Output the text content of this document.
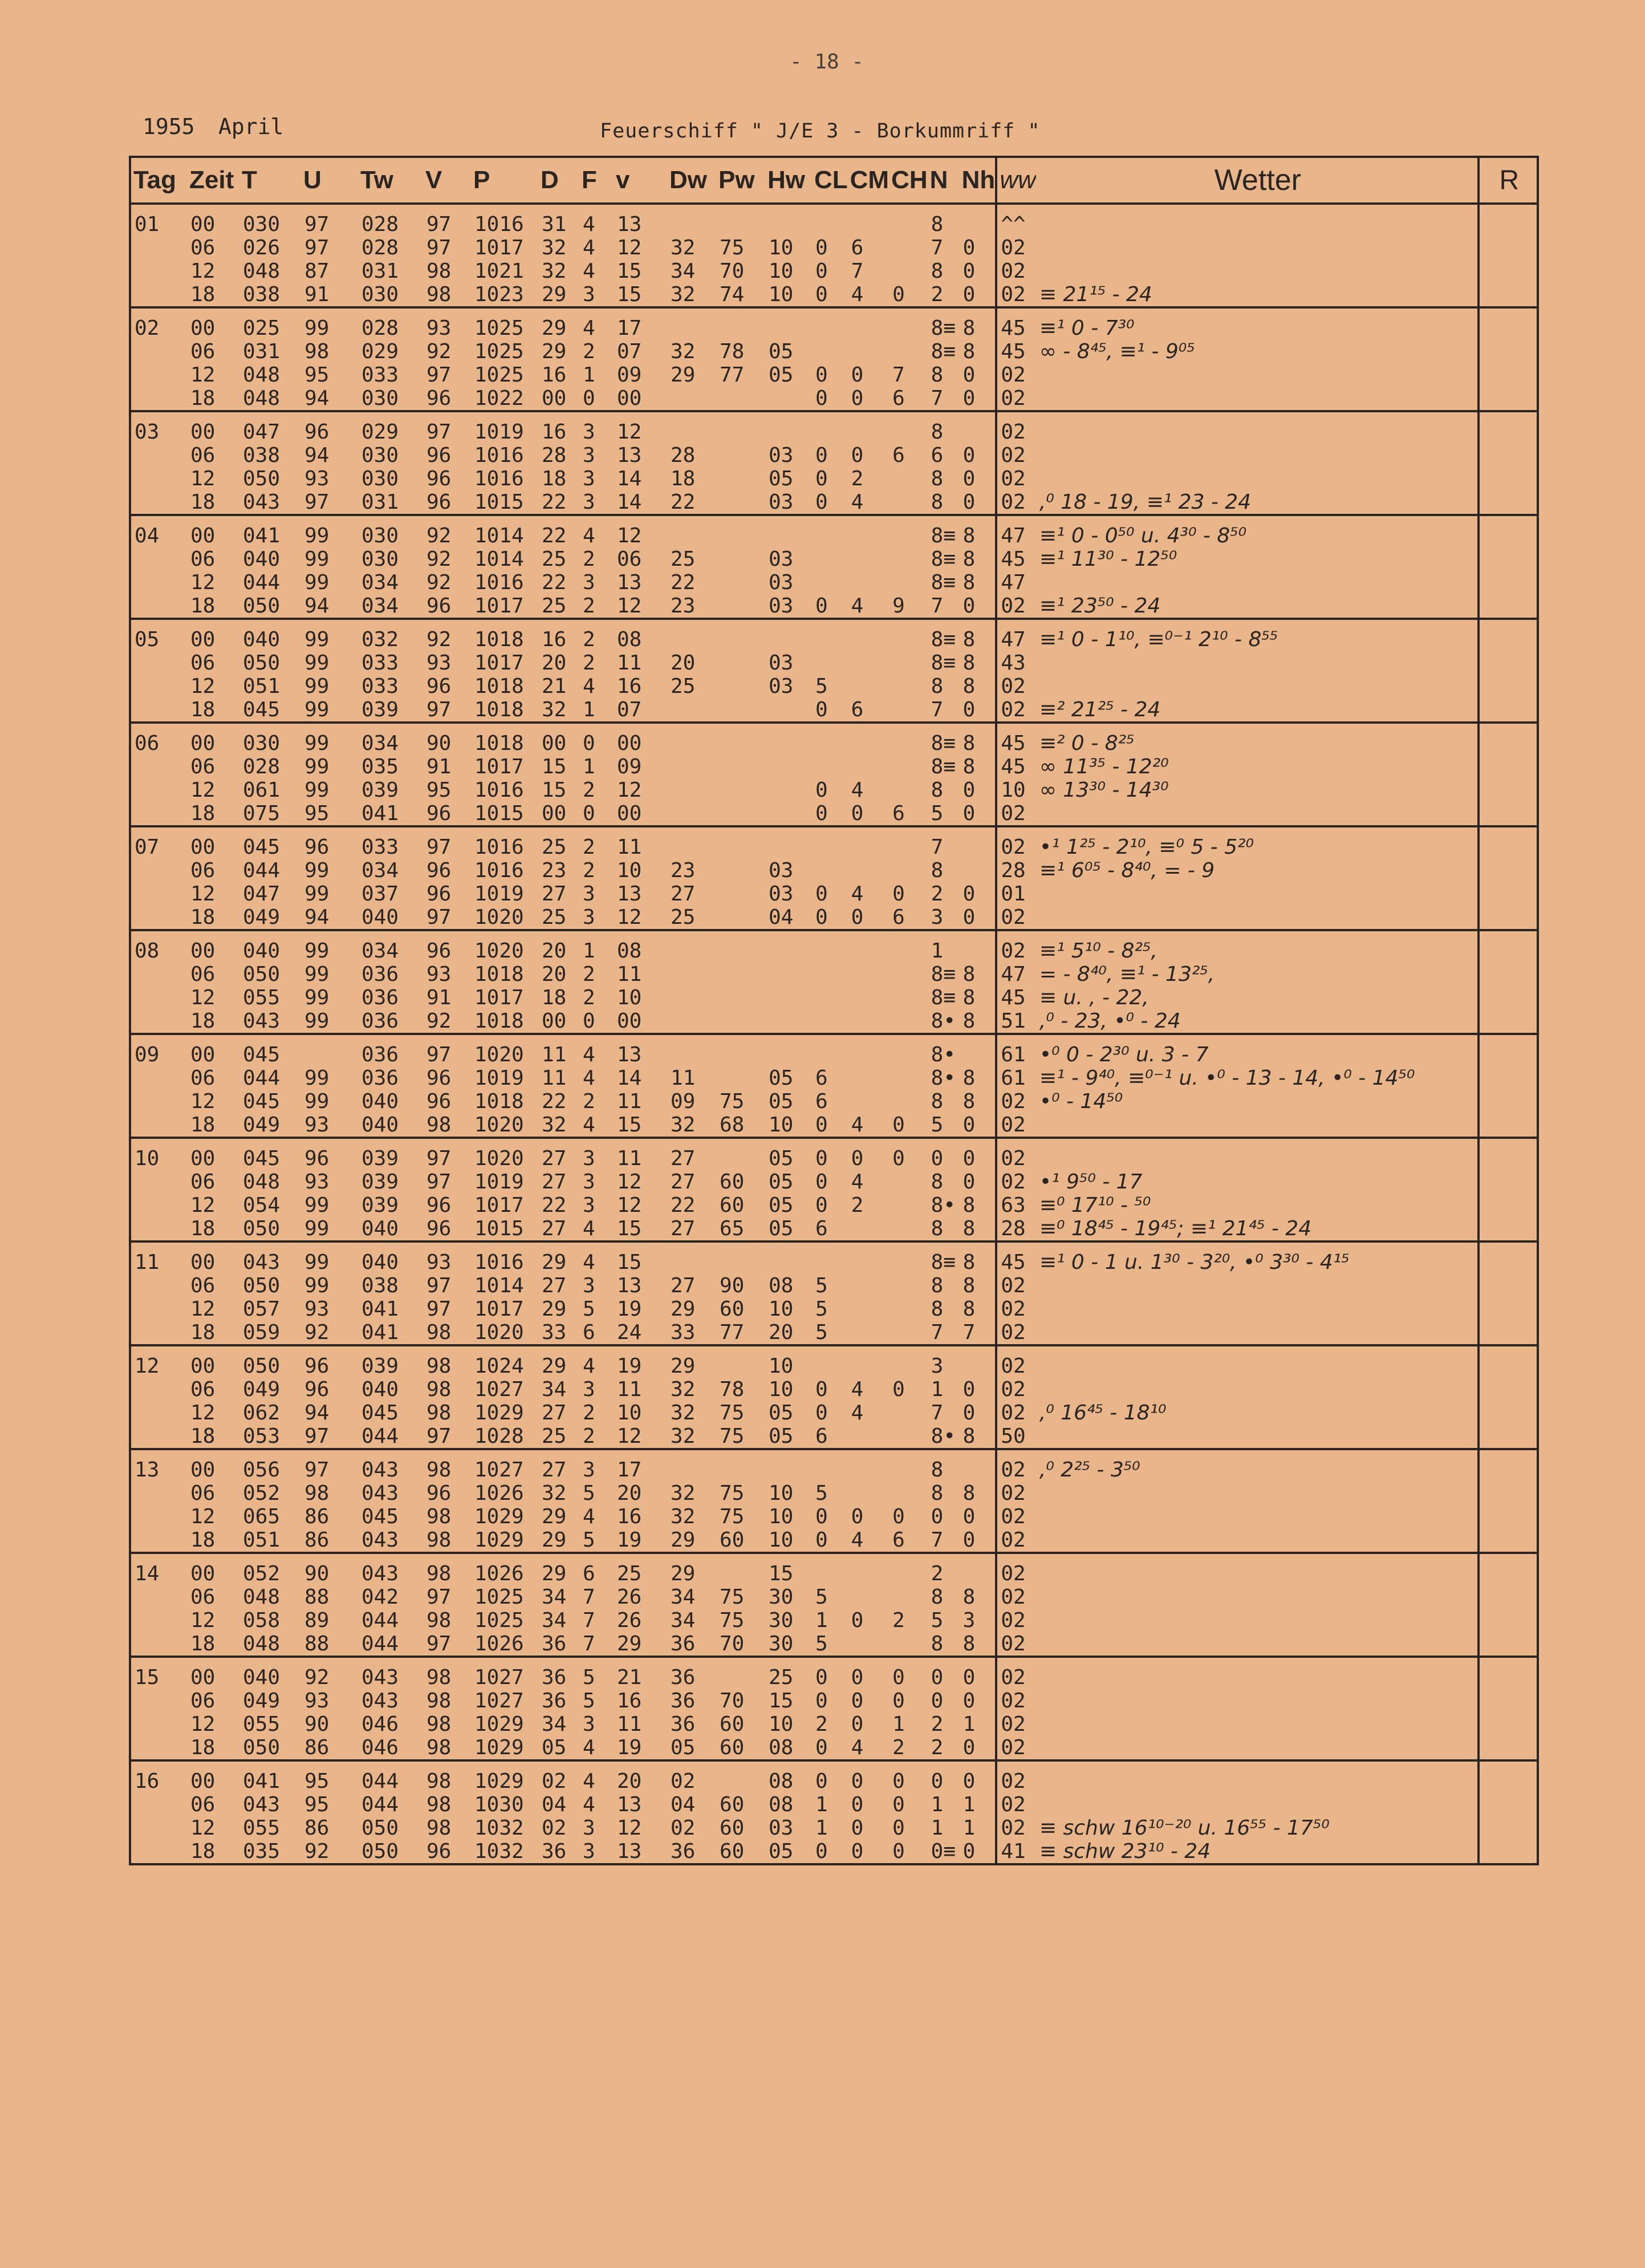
- 18 -
1955 April	Feuerschiff " J/E 3 - Borkummriff "
Tag	Zeit	T	U	Tw	V	P	D	F	v	Dw	Pw	Hw	CL	CM	CH	N	Nh	ww	Wetter	R
01	00	030	97	028	97	1016	31	4	13							8		^^		
	06	026	97	028	97	1017	32	4	12	32	75	10	0	6		7	0	02		
	12	048	87	031	98	1021	32	4	15	34	70	10	0	7		8	0	02		
	18	038	91	030	98	1023	29	3	15	32	74	10	0	4	0	2	0	02	≡ 21¹⁵ - 24	
02	00	025	99	028	93	1025	29	4	17							8≡	8	45	≡¹ 0 - 7³⁰	
	06	031	98	029	92	1025	29	2	07	32	78	05				8≡	8	45	∞ - 8⁴⁵, ≡¹ - 9⁰⁵	
	12	048	95	033	97	1025	16	1	09	29	77	05	0	0	7	8	0	02		
	18	048	94	030	96	1022	00	0	00				0	0	6	7	0	02		
03	00	047	96	029	97	1019	16	3	12							8		02		
	06	038	94	030	96	1016	28	3	13	28		03	0	0	6	6	0	02		
	12	050	93	030	96	1016	18	3	14	18		05	0	2		8	0	02		
	18	043	97	031	96	1015	22	3	14	22		03	0	4		8	0	02	,⁰ 18 - 19, ≡¹ 23 - 24	
04	00	041	99	030	92	1014	22	4	12							8≡	8	47	≡¹ 0 - 0⁵⁰ u. 4³⁰ - 8⁵⁰	
	06	040	99	030	92	1014	25	2	06	25		03				8≡	8	45	≡¹ 11³⁰ - 12⁵⁰	
	12	044	99	034	92	1016	22	3	13	22		03				8≡	8	47		
	18	050	94	034	96	1017	25	2	12	23		03	0	4	9	7	0	02	≡¹ 23⁵⁰ - 24	
05	00	040	99	032	92	1018	16	2	08							8≡	8	47	≡¹ 0 - 1¹⁰, ≡⁰⁻¹ 2¹⁰ - 8⁵⁵	
	06	050	99	033	93	1017	20	2	11	20		03				8≡	8	43		
	12	051	99	033	96	1018	21	4	16	25		03	5			8	8	02		
	18	045	99	039	97	1018	32	1	07				0	6		7	0	02	≡² 21²⁵ - 24	
06	00	030	99	034	90	1018	00	0	00							8≡	8	45	≡² 0 - 8²⁵	
	06	028	99	035	91	1017	15	1	09							8≡	8	45	∞ 11³⁵ - 12²⁰	
	12	061	99	039	95	1016	15	2	12				0	4		8	0	10	∞ 13³⁰ - 14³⁰	
	18	075	95	041	96	1015	00	0	00				0	0	6	5	0	02		
07	00	045	96	033	97	1016	25	2	11							7		02	•¹ 1²⁵ - 2¹⁰, ≡⁰ 5 - 5²⁰	
	06	044	99	034	96	1016	23	2	10	23		03				8		28	≡¹ 6⁰⁵ - 8⁴⁰, = - 9	
	12	047	99	037	96	1019	27	3	13	27		03	0	4	0	2	0	01		
	18	049	94	040	97	1020	25	3	12	25		04	0	0	6	3	0	02		
08	00	040	99	034	96	1020	20	1	08							1		02	≡¹ 5¹⁰ - 8²⁵,	
	06	050	99	036	93	1018	20	2	11							8≡	8	47	= - 8⁴⁰, ≡¹ - 13²⁵,	
	12	055	99	036	91	1017	18	2	10							8≡	8	45	≡ u. , - 22,	
	18	043	99	036	92	1018	00	0	00							8•	8	51	,⁰ - 23, •⁰ - 24	
09	00	045		036	97	1020	11	4	13							8•		61	•⁰ 0 - 2³⁰ u. 3 - 7	
	06	044	99	036	96	1019	11	4	14	11		05	6			8•	8	61	≡¹ - 9⁴⁰, ≡⁰⁻¹ u. •⁰ - 13 - 14, •⁰ - 14⁵⁰	
	12	045	99	040	96	1018	22	2	11	09	75	05	6			8	8	02	•⁰ - 14⁵⁰	
	18	049	93	040	98	1020	32	4	15	32	68	10	0	4	0	5	0	02		
10	00	045	96	039	97	1020	27	3	11	27		05	0	0	0	0	0	02		
	06	048	93	039	97	1019	27	3	12	27	60	05	0	4		8	0	02	•¹ 9⁵⁰ - 17	
	12	054	99	039	96	1017	22	3	12	22	60	05	0	2		8•	8	63	≡⁰ 17¹⁰ - ⁵⁰	
	18	050	99	040	96	1015	27	4	15	27	65	05	6			8	8	28	≡⁰ 18⁴⁵ - 19⁴⁵; ≡¹ 21⁴⁵ - 24	
11	00	043	99	040	93	1016	29	4	15							8≡	8	45	≡¹ 0 - 1 u. 1³⁰ - 3²⁰, •⁰ 3³⁰ - 4¹⁵	
	06	050	99	038	97	1014	27	3	13	27	90	08	5			8	8	02		
	12	057	93	041	97	1017	29	5	19	29	60	10	5			8	8	02		
	18	059	92	041	98	1020	33	6	24	33	77	20	5			7	7	02		
12	00	050	96	039	98	1024	29	4	19	29		10				3		02		
	06	049	96	040	98	1027	34	3	11	32	78	10	0	4	0	1	0	02		
	12	062	94	045	98	1029	27	2	10	32	75	05	0	4		7	0	02	,⁰ 16⁴⁵ - 18¹⁰	
	18	053	97	044	97	1028	25	2	12	32	75	05	6			8•	8	50		
13	00	056	97	043	98	1027	27	3	17							8		02	,⁰ 2²⁵ - 3⁵⁰	
	06	052	98	043	96	1026	32	5	20	32	75	10	5			8	8	02		
	12	065	86	045	98	1029	29	4	16	32	75	10	0	0	0	0	0	02		
	18	051	86	043	98	1029	29	5	19	29	60	10	0	4	6	7	0	02		
14	00	052	90	043	98	1026	29	6	25	29		15				2		02		
	06	048	88	042	97	1025	34	7	26	34	75	30	5			8	8	02		
	12	058	89	044	98	1025	34	7	26	34	75	30	1	0	2	5	3	02		
	18	048	88	044	97	1026	36	7	29	36	70	30	5			8	8	02		
15	00	040	92	043	98	1027	36	5	21	36		25	0	0	0	0	0	02		
	06	049	93	043	98	1027	36	5	16	36	70	15	0	0	0	0	0	02		
	12	055	90	046	98	1029	34	3	11	36	60	10	2	0	1	2	1	02		
	18	050	86	046	98	1029	05	4	19	05	60	08	0	4	2	2	0	02		
16	00	041	95	044	98	1029	02	4	20	02		08	0	0	0	0	0	02		
	06	043	95	044	98	1030	04	4	13	04	60	08	1	0	0	1	1	02		
	12	055	86	050	98	1032	02	3	12	02	60	03	1	0	0	1	1	02	≡ schw 16¹⁰⁻²⁰ u. 16⁵⁵ - 17⁵⁰	
	18	035	92	050	96	1032	36	3	13	36	60	05	0	0	0	0≡	0	41	≡ schw 23¹⁰ - 24	
